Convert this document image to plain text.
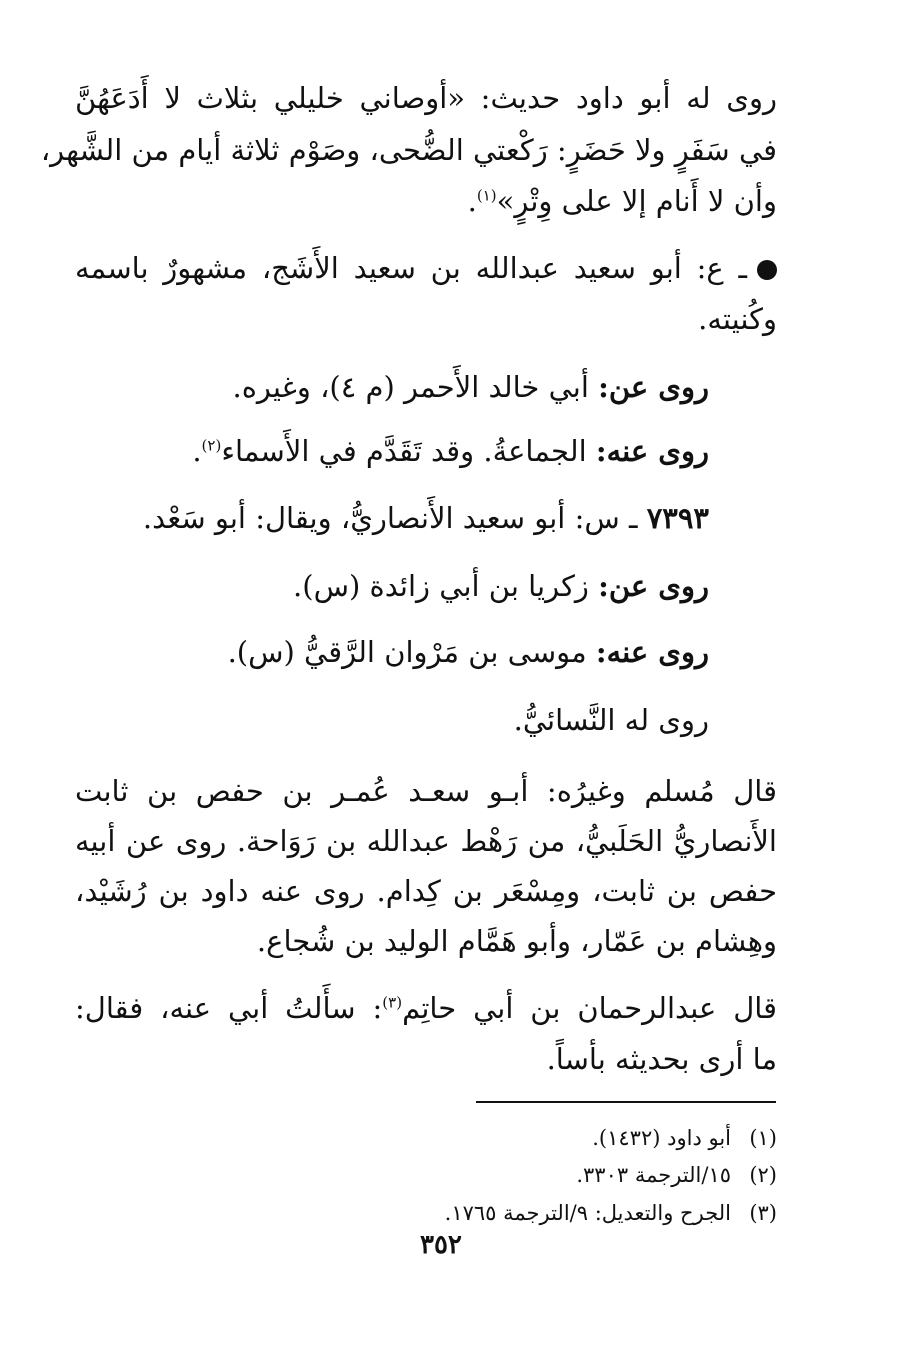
روى له أبو داود حديث: «أوصاني خليلي بثلاث لا أَدَعَهُنَّ
في سَفَرٍ ولا حَضَرٍ: رَكْعتي الضُّحى، وصَوْم ثلاثة أيام من الشَّهر،
وأن لا أَنام إلا على وِتْرٍ»$^{(١)}$.
ـ ع: أبو سعيد عبدالله بن سعيد الأَشَج، مشهورٌ باسمه
وكُنيته.
روى عن: أبي خالد الأَحمر (م ٤)، وغيره.
روى عنه: الجماعةُ. وقد تَقَدَّم في الأَسماء$^{(٢)}$.
٧٣٩٣ ـ س: أبو سعيد الأَنصاريُّ، ويقال: أبو سَعْد.
روى عن: زكريا بن أبي زائدة (س).
روى عنه: موسى بن مَرْوان الرَّقيُّ (س).
روى له النَّسائيُّ.
قال مُسلم وغيرُه: أبـو سعـد عُمـر بن حفص بن ثابت
الأَنصاريُّ الحَلَبيُّ، من رَهْط عبدالله بن رَوَاحة. روى عن أبيه
حفص بن ثابت، ومِسْعَر بن كِدام. روى عنه داود بن رُشَيْد،
وهِشام بن عَمّار، وأبو هَمَّام الوليد بن شُجاع.
قال عبدالرحمان بن أبي حاتِم$^{(٣)}$: سأَلتُ أبي عنه، فقال:
ما أرى بحديثه بأساً.
(١)أبو داود (١٤٣٢).
(٢)١٥/الترجمة ٣٣٠٣.
(٣)الجرح والتعديل: ٩/الترجمة ١٧٦٥.
٣٥٢
